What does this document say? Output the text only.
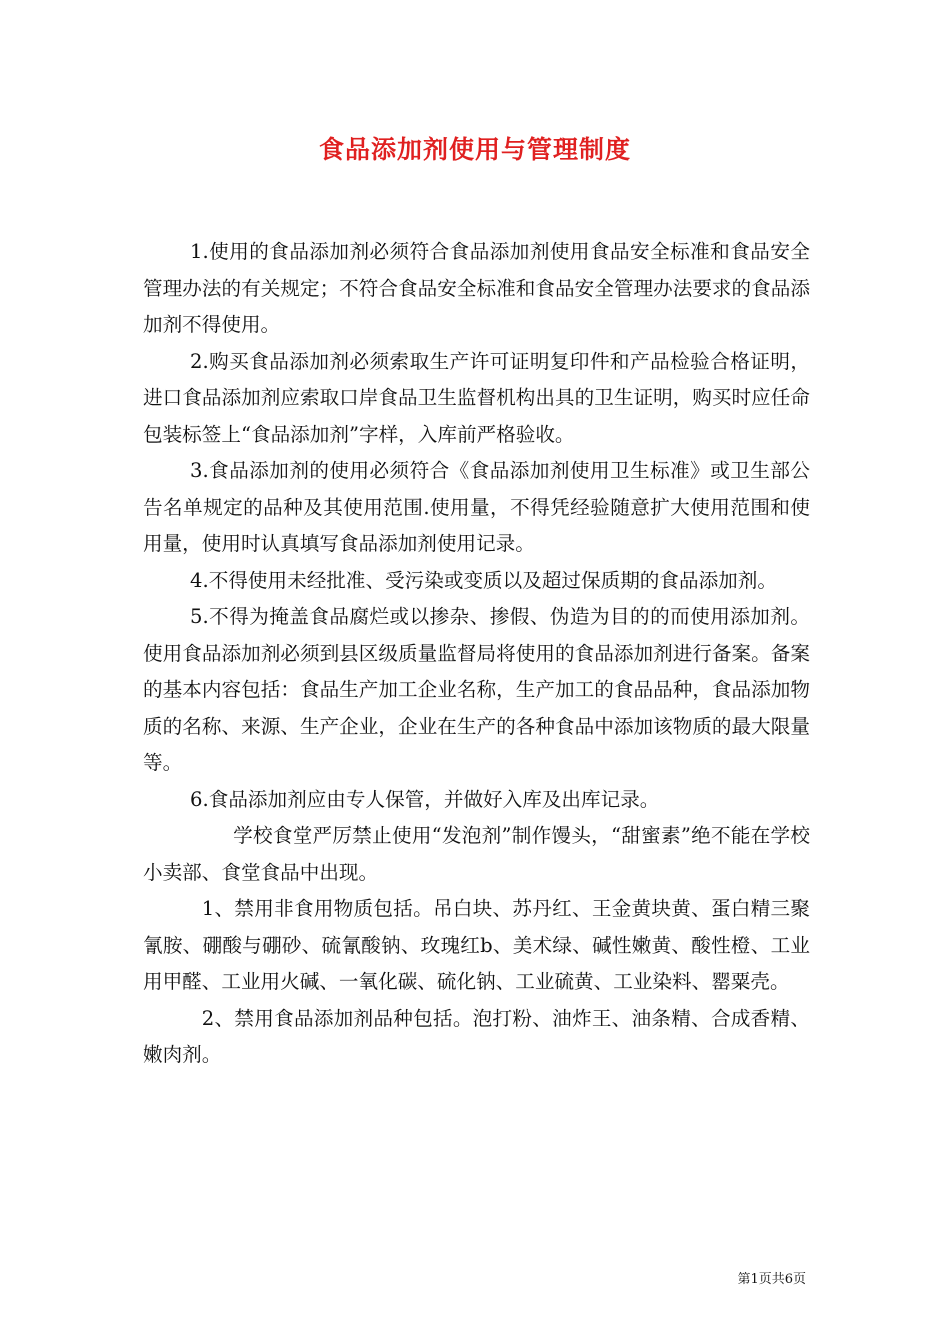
食品添加剂使用与管理制度

1.使用的食品添加剂必须符合食品添加剂使用食品安全标准和食品安全管理办法的有关规定；不符合食品安全标准和食品安全管理办法要求的食品添加剂不得使用。

2.购买食品添加剂必须索取生产许可证明复印件和产品检验合格证明，进口食品添加剂应索取口岸食品卫生监督机构出具的卫生证明，购买时应任命包装标签上“食品添加剂”字样，入库前严格验收。

3.食品添加剂的使用必须符合《食品添加剂使用卫生标准》或卫生部公告名单规定的品种及其使用范围.使用量，不得凭经验随意扩大使用范围和使用量，使用时认真填写食品添加剂使用记录。

4.不得使用未经批准、受污染或变质以及超过保质期的食品添加剂。

5.不得为掩盖食品腐烂或以掺杂、掺假、伪造为目的的而使用添加剂。使用食品添加剂必须到县区级质量监督局将使用的食品添加剂进行备案。备案的基本内容包括：食品生产加工企业名称，生产加工的食品品种，食品添加物质的名称、来源、生产企业，企业在生产的各种食品中添加该物质的最大限量等。

6.食品添加剂应由专人保管，并做好入库及出库记录。

学校食堂严厉禁止使用“发泡剂”制作馒头，“甜蜜素”绝不能在学校小卖部、食堂食品中出现。

1、禁用非食用物质包括。吊白块、苏丹红、王金黄块黄、蛋白精三聚氰胺、硼酸与硼砂、硫氰酸钠、玫瑰红b、美术绿、碱性嫩黄、酸性橙、工业用甲醛、工业用火碱、一氧化碳、硫化钠、工业硫黄、工业染料、罂粟壳。

2、禁用食品添加剂品种包括。泡打粉、油炸王、油条精、合成香精、嫩肉剂。

第1页共6页
